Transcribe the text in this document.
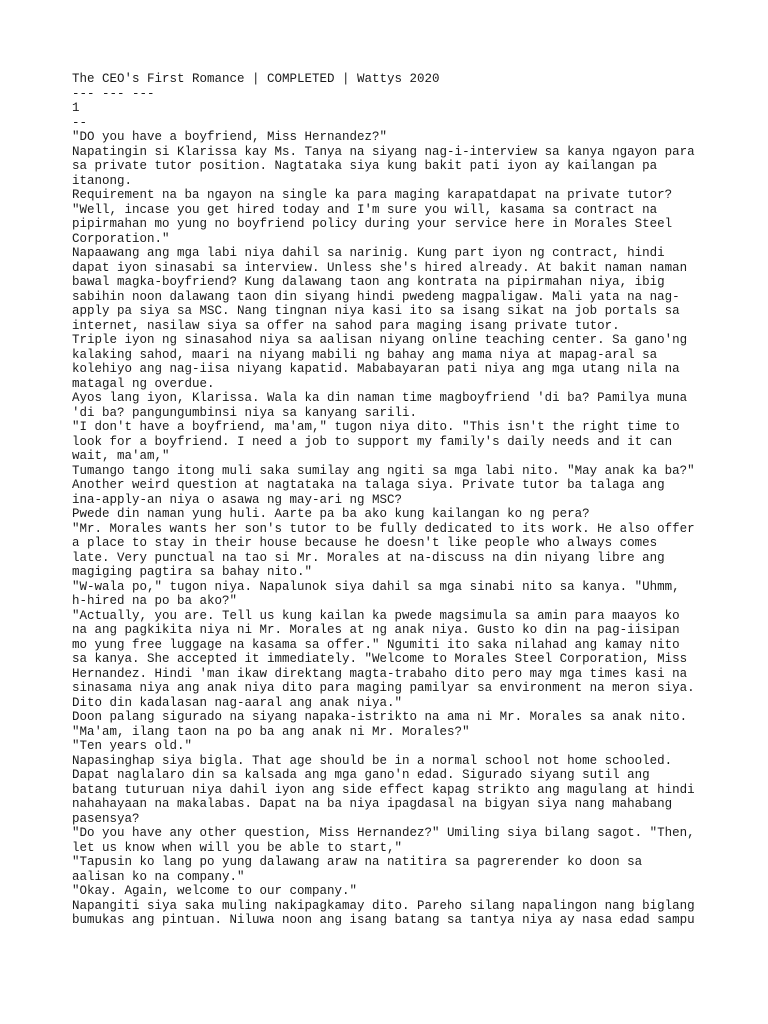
The CEO's First Romance | COMPLETED | Wattys 2020
--- --- ---
1
--
"DO you have a boyfriend, Miss Hernandez?"
Napatingin si Klarissa kay Ms. Tanya na siyang nag-i-interview sa kanya ngayon para
sa private tutor position. Nagtataka siya kung bakit pati iyon ay kailangan pa
itanong.
Requirement na ba ngayon na single ka para maging karapatdapat na private tutor?
"Well, incase you get hired today and I'm sure you will, kasama sa contract na
pipirmahan mo yung no boyfriend policy during your service here in Morales Steel
Corporation."
Napaawang ang mga labi niya dahil sa narinig. Kung part iyon ng contract, hindi
dapat iyon sinasabi sa interview. Unless she's hired already. At bakit naman naman
bawal magka-boyfriend? Kung dalawang taon ang kontrata na pipirmahan niya, ibig
sabihin noon dalawang taon din siyang hindi pwedeng magpaligaw. Mali yata na nag-
apply pa siya sa MSC. Nang tingnan niya kasi ito sa isang sikat na job portals sa
internet, nasilaw siya sa offer na sahod para maging isang private tutor.
Triple iyon ng sinasahod niya sa aalisan niyang online teaching center. Sa gano'ng
kalaking sahod, maari na niyang mabili ng bahay ang mama niya at mapag-aral sa
kolehiyo ang nag-iisa niyang kapatid. Mababayaran pati niya ang mga utang nila na
matagal ng overdue.
Ayos lang iyon, Klarissa. Wala ka din naman time magboyfriend 'di ba? Pamilya muna
'di ba? pangungumbinsi niya sa kanyang sarili.
"I don't have a boyfriend, ma'am," tugon niya dito. "This isn't the right time to
look for a boyfriend. I need a job to support my family's daily needs and it can
wait, ma'am,"
Tumango tango itong muli saka sumilay ang ngiti sa mga labi nito. "May anak ka ba?"
Another weird question at nagtataka na talaga siya. Private tutor ba talaga ang
ina-apply-an niya o asawa ng may-ari ng MSC?
Pwede din naman yung huli. Aarte pa ba ako kung kailangan ko ng pera?
"Mr. Morales wants her son's tutor to be fully dedicated to its work. He also offer
a place to stay in their house because he doesn't like people who always comes
late. Very punctual na tao si Mr. Morales at na-discuss na din niyang libre ang
magiging pagtira sa bahay nito."
"W-wala po," tugon niya. Napalunok siya dahil sa mga sinabi nito sa kanya. "Uhmm,
h-hired na po ba ako?"
"Actually, you are. Tell us kung kailan ka pwede magsimula sa amin para maayos ko
na ang pagkikita niya ni Mr. Morales at ng anak niya. Gusto ko din na pag-iisipan
mo yung free luggage na kasama sa offer." Ngumiti ito saka nilahad ang kamay nito
sa kanya. She accepted it immediately. "Welcome to Morales Steel Corporation, Miss
Hernandez. Hindi 'man ikaw direktang magta-trabaho dito pero may mga times kasi na
sinasama niya ang anak niya dito para maging pamilyar sa environment na meron siya.
Dito din kadalasan nag-aaral ang anak niya."
Doon palang sigurado na siyang napaka-istrikto na ama ni Mr. Morales sa anak nito.
"Ma'am, ilang taon na po ba ang anak ni Mr. Morales?"
"Ten years old."
Napasinghap siya bigla. That age should be in a normal school not home schooled.
Dapat naglalaro din sa kalsada ang mga gano'n edad. Sigurado siyang sutil ang
batang tuturuan niya dahil iyon ang side effect kapag strikto ang magulang at hindi
nahahayaan na makalabas. Dapat na ba niya ipagdasal na bigyan siya nang mahabang
pasensya?
"Do you have any other question, Miss Hernandez?" Umiling siya bilang sagot. "Then,
let us know when will you be able to start,"
"Tapusin ko lang po yung dalawang araw na natitira sa pagrerender ko doon sa
aalisan ko na company."
"Okay. Again, welcome to our company."
Napangiti siya saka muling nakipagkamay dito. Pareho silang napalingon nang biglang
bumukas ang pintuan. Niluwa noon ang isang batang sa tantya niya ay nasa edad sampu
